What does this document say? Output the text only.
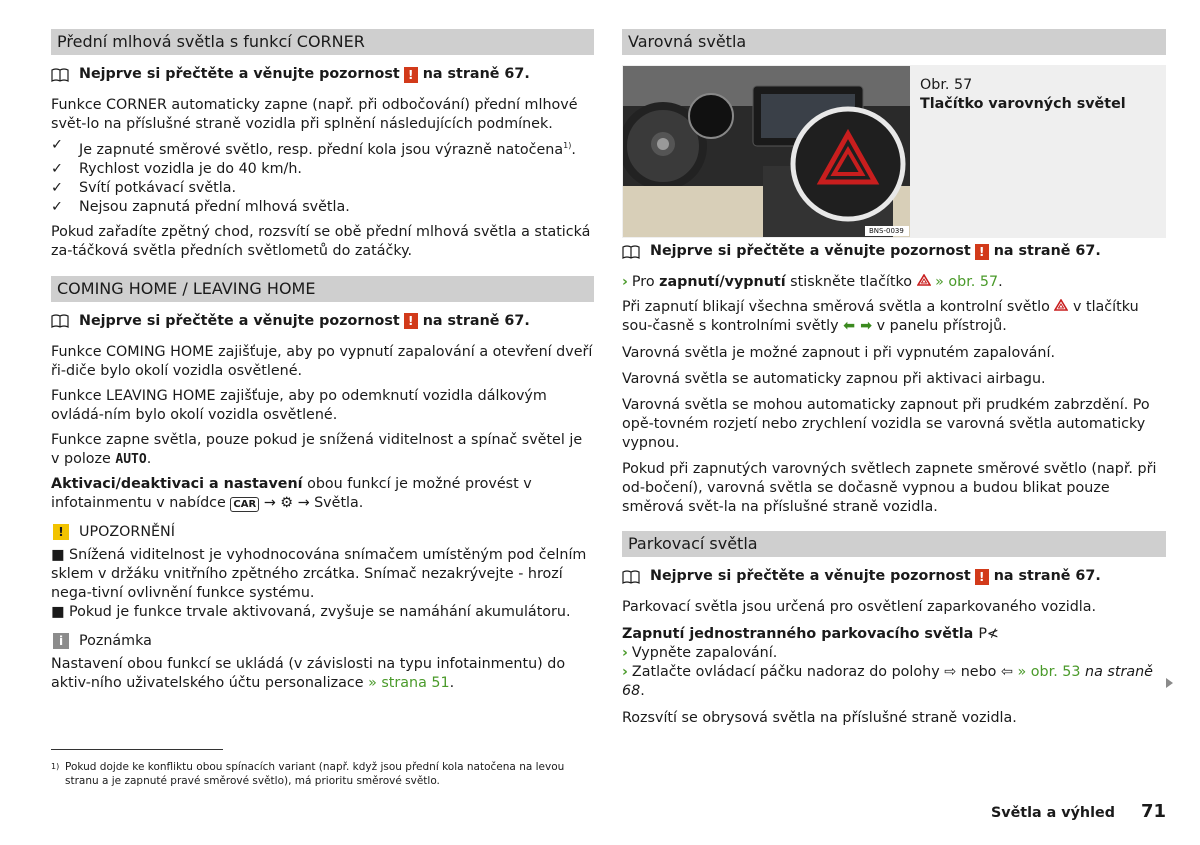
Přední mlhová světla s funkcí CORNER
Nejprve si přečtěte a věnujte pozornost ! na straně 67.

Funkce CORNER automaticky zapne (např. při odbočování) přední mlhové svět-lo na příslušné straně vozidla při splnění následujících podmínek.

✓	Je zapnuté směrové světlo, resp. přední kola jsou výrazně natočena$^{1)}$.
✓	Rychlost vozidla je do 40 km/h.
✓	Svítí potkávací světla.
✓	Nejsou zapnutá přední mlhová světla.

Pokud zařadíte zpětný chod, rozsvítí se obě přední mlhová světla a statická za-táčková světla předních světlometů do zatáčky.

COMING HOME / LEAVING HOME
Nejprve si přečtěte a věnujte pozornost ! na straně 67.

Funkce COMING HOME zajišťuje, aby po vypnutí zapalování a otevření dveří ři-diče bylo okolí vozidla osvětlené.

Funkce LEAVING HOME zajišťuje, aby po odemknutí vozidla dálkovým ovládá-ním bylo okolí vozidla osvětlené.

Funkce zapne světla, pouze pokud je snížená viditelnost a spínač světel je v poloze AUTO.

Aktivaci/deaktivaci a nastavení obou funkcí je možné provést v infotainmentu v nabídce CAR → ⚙ → Světla.

!	UPOZORNĚNÍ

■ Snížená viditelnost je vyhodnocována snímačem umístěným pod čelním sklem v držáku vnitřního zpětného zrcátka. Snímač nezakrývejte - hrozí nega-tivní ovlivnění funkce systému.

■ Pokud je funkce trvale aktivovaná, zvyšuje se namáhání akumulátoru.

i	Poznámka

Nastavení obou funkcí se ukládá (v závislosti na typu infotainmentu) do aktiv-ního uživatelského účtu personalizace » strana 51.

Varovná světla
BNS-0039
Obr. 57
Tlačítko varovných světel
Nejprve si přečtěte a věnujte pozornost ! na straně 67.

› Pro zapnutí/vypnutí stiskněte tlačítko » obr. 57.

Při zapnutí blikají všechna směrová světla a kontrolní světlo v tlačítku sou-časně s kontrolními světly ⬅ ➡ v panelu přístrojů.

Varovná světla je možné zapnout i při vypnutém zapalování.

Varovná světla se automaticky zapnou při aktivaci airbagu.

Varovná světla se mohou automaticky zapnout při prudkém zabrzdění. Po opě-tovném rozjetí nebo zrychlení vozidla se varovná světla automaticky vypnou.

Pokud při zapnutých varovných světlech zapnete směrové světlo (např. při od-bočení), varovná světla se dočasně vypnou a budou blikat pouze směrová svět-la na příslušné straně vozidla.

Parkovací světla
Nejprve si přečtěte a věnujte pozornost ! na straně 67.

Parkovací světla jsou určená pro osvětlení zaparkovaného vozidla.

Zapnutí jednostranného parkovacího světla P≮

› Vypněte zapalování.

› Zatlačte ovládací páčku nadoraz do polohy ⇨ nebo ⇦ » obr. 53 na straně 68.

Rozsvítí se obrysová světla na příslušné straně vozidla.

1) Pokud dojde ke konfliktu obou spínacích variant (např. když jsou přední kola natočena na levou stranu a je zapnuté pravé směrové světlo), má prioritu směrové světlo.
Světla a výhled 71
